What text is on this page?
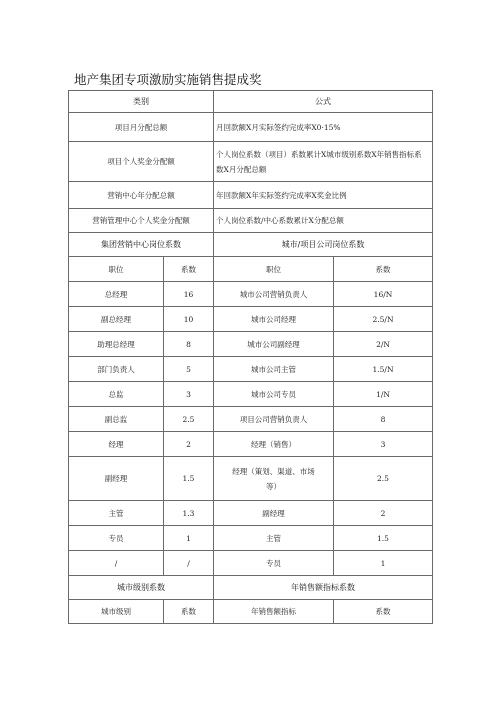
地产集团专项激励实施销售提成奖
类别		公式	
项目月分配总额		月回款额X月实际签约完成率X0·15%	
项目个人奖金分配额		个人岗位系数（项目）系数累计X城市级别系数X年销售指标系数X月分配总额	
营销中心年分配总额		年回款额X年实际签约完成率X奖金比例	
营销管理中心个人奖金分配额		个人岗位系数/中心系数累计X分配总额	
集团营销中心岗位系数		城市/项目公司岗位系数	
职位	系数	职位	系数
总经理	16	城市公司营销负责人	16/N
副总经理	10	城市公司经理	2.5/N
助理总经理	8	城市公司副经理	2/N
部门负责人	5	城市公司主管	1.5/N
总监	3	城市公司专员	1/N
副总监	2.5	项目公司营销负责人	8
经理	2	经理（销售）	3
副经理	1.5	经理（策划、渠道、市场等）	2.5
主管	1.3	副经理	2
专员	1	主管	1.5
/	/	专员	1
城市级别系数		年销售额指标系数	
城市级别	系数	年销售额指标	系数
